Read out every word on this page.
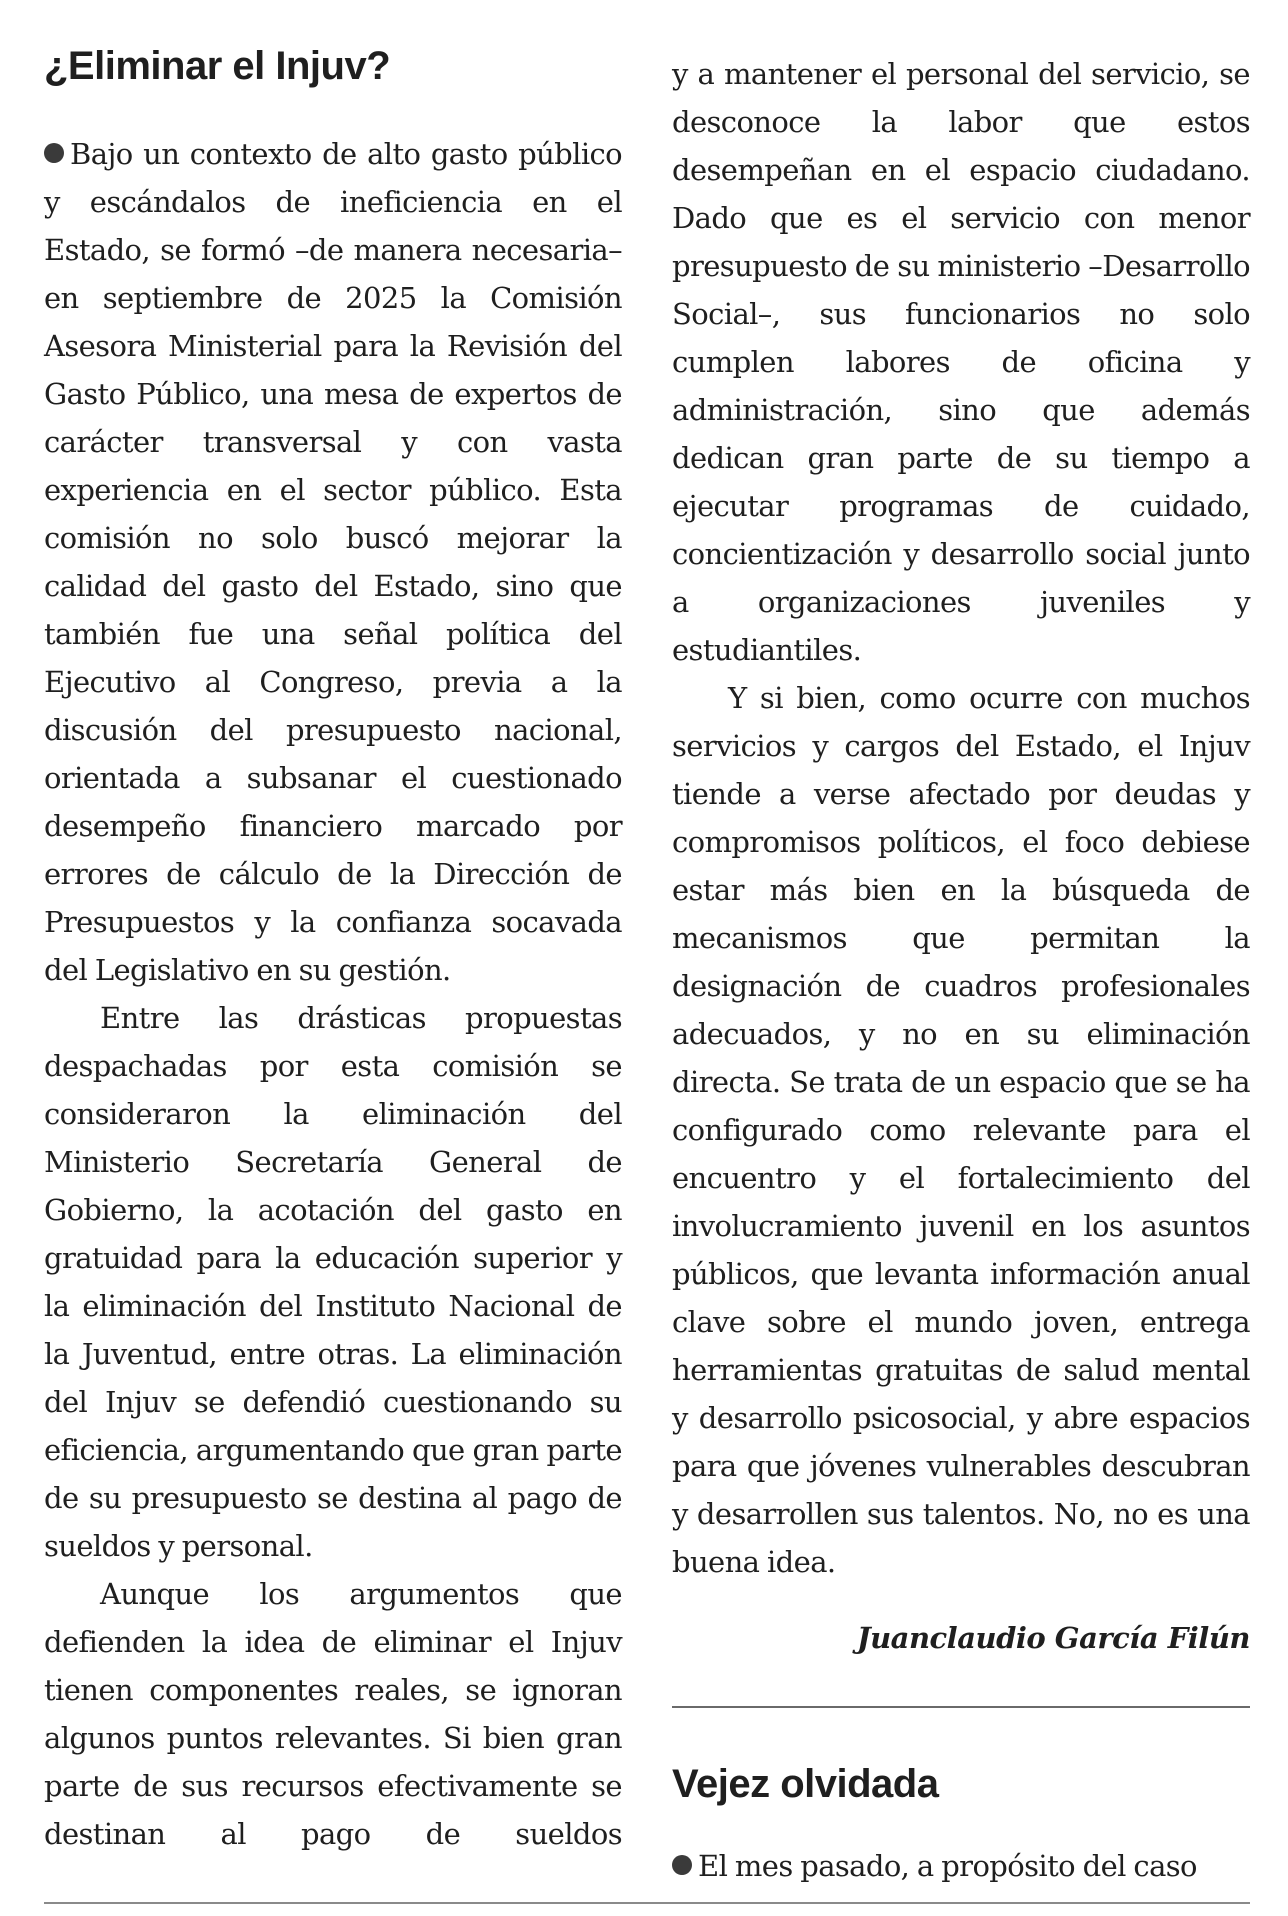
¿Eliminar el Injuv?

Bajo un contexto de alto gasto público y escándalos de ineficiencia en el Estado, se formó –de manera necesaria– en septiembre de 2025 la Comisión Asesora Ministerial para la Revisión del Gasto Público, una mesa de expertos de carácter transversal y con vasta experiencia en el sector público. Esta comisión no solo buscó mejorar la calidad del gasto del Estado, sino que también fue una señal política del Ejecutivo al Congreso, previa a la discusión del presupuesto nacional, orientada a subsanar el cuestionado desempeño financiero marcado por errores de cálculo de la Dirección de Presupuestos y la confianza socavada del Legislativo en su gestión.

Entre las drásticas propuestas despachadas por esta comisión se consideraron la eliminación del Ministerio Secretaría General de Gobierno, la acotación del gasto en gratuidad para la educación superior y la eliminación del Instituto Nacional de la Juventud, entre otras. La eliminación del Injuv se defendió cuestionando su eficiencia, argumentando que gran parte de su presupuesto se destina al pago de sueldos y personal.

Aunque los argumentos que defienden la idea de eliminar el Injuv tienen componentes reales, se ignoran algunos puntos relevantes. Si bien gran parte de sus recursos efectivamente se destinan al pago de sueldos

y a mantener el personal del servicio, se desconoce la labor que estos desempeñan en el espacio ciudadano. Dado que es el servicio con menor presupuesto de su ministerio –Desarrollo Social–, sus funcionarios no solo cumplen labores de oficina y administración, sino que además dedican gran parte de su tiempo a ejecutar programas de cuidado, concientización y desarrollo social junto a organizaciones juveniles y estudiantiles.

Y si bien, como ocurre con muchos servicios y cargos del Estado, el Injuv tiende a verse afectado por deudas y compromisos políticos, el foco debiese estar más bien en la búsqueda de mecanismos que permitan la designación de cuadros profesionales adecuados, y no en su eliminación directa. Se trata de un espacio que se ha configurado como relevante para el encuentro y el fortalecimiento del involucramiento juvenil en los asuntos públicos, que levanta información anual clave sobre el mundo joven, entrega herramientas gratuitas de salud mental y desarrollo psicosocial, y abre espacios para que jóvenes vulnerables descubran y desarrollen sus talentos. No, no es una buena idea.

Juanclaudio García Filún

Vejez olvidada

El mes pasado, a propósito del caso
